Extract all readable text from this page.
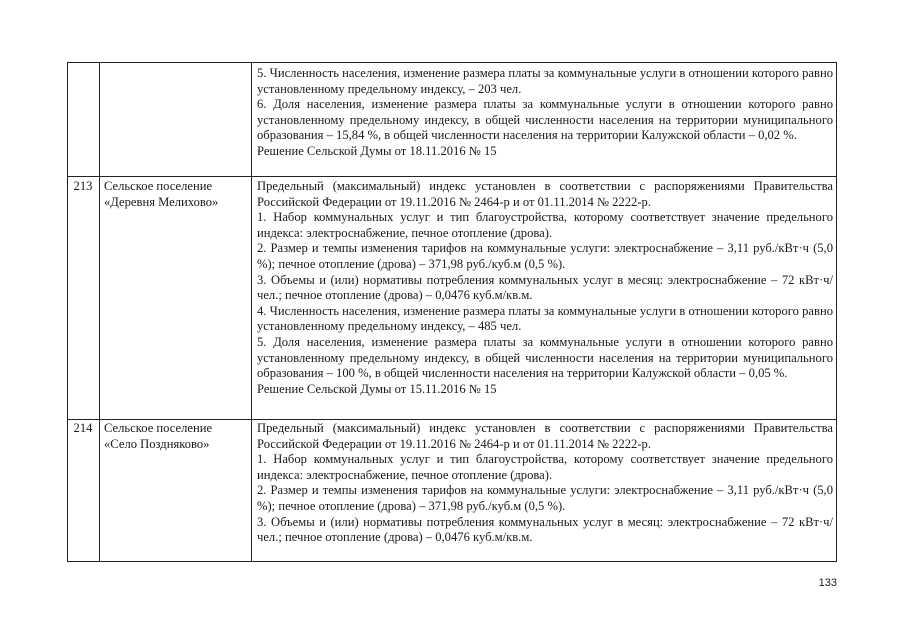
5. Численность населения, изменение размера платы за коммунальные услуги в отношении которого равно установленному предельному индексу, – 203 чел.

6. Доля населения, изменение размера платы за коммунальные услуги в отношении которого равно установленному предельному индексу, в общей численности населения на территории муниципального образования – 15,84 %, в общей численности населения на территории Калужской области – 0,02 %.

Решение Сельской Думы от 18.11.2016 № 15

213 Сельское поселение «Деревня Мелихово»

Предельный (максимальный) индекс установлен в соответствии с распоряжениями Правительства Российской Федерации от 19.11.2016 № 2464-р и от 01.11.2014 № 2222-р.

1. Набор коммунальных услуг и тип благоустройства, которому соответствует значение предельного индекса: электроснабжение, печное отопление (дрова).

2. Размер и темпы изменения тарифов на коммунальные услуги: электроснабжение – 3,11 руб./кВт·ч (5,0 %); печное отопление (дрова) – 371,98 руб./куб.м (0,5 %).

3. Объемы и (или) нормативы потребления коммунальных услуг в месяц: электроснабжение – 72 кВт·ч/чел.; печное отопление (дрова) – 0,0476 куб.м/кв.м.

4. Численность населения, изменение размера платы за коммунальные услуги в отношении которого равно установленному предельному индексу, – 485 чел.

5. Доля населения, изменение размера платы за коммунальные услуги в отношении которого равно установленному предельному индексу, в общей численности населения на территории муниципального образования – 100 %, в общей численности населения на территории Калужской области – 0,05 %.

Решение Сельской Думы от 15.11.2016 № 15

214 Сельское поселение «Село Поздняково»

Предельный (максимальный) индекс установлен в соответствии с распоряжениями Правительства Российской Федерации от 19.11.2016 № 2464-р и от 01.11.2014 № 2222-р.

1. Набор коммунальных услуг и тип благоустройства, которому соответствует значение предельного индекса: электроснабжение, печное отопление (дрова).

2. Размер и темпы изменения тарифов на коммунальные услуги: электроснабжение – 3,11 руб./кВт·ч (5,0 %); печное отопление (дрова) – 371,98 руб./куб.м (0,5 %).

3. Объемы и (или) нормативы потребления коммунальных услуг в месяц: электроснабжение – 72 кВт·ч/чел.; печное отопление (дрова) – 0,0476 куб.м/кв.м.

133
